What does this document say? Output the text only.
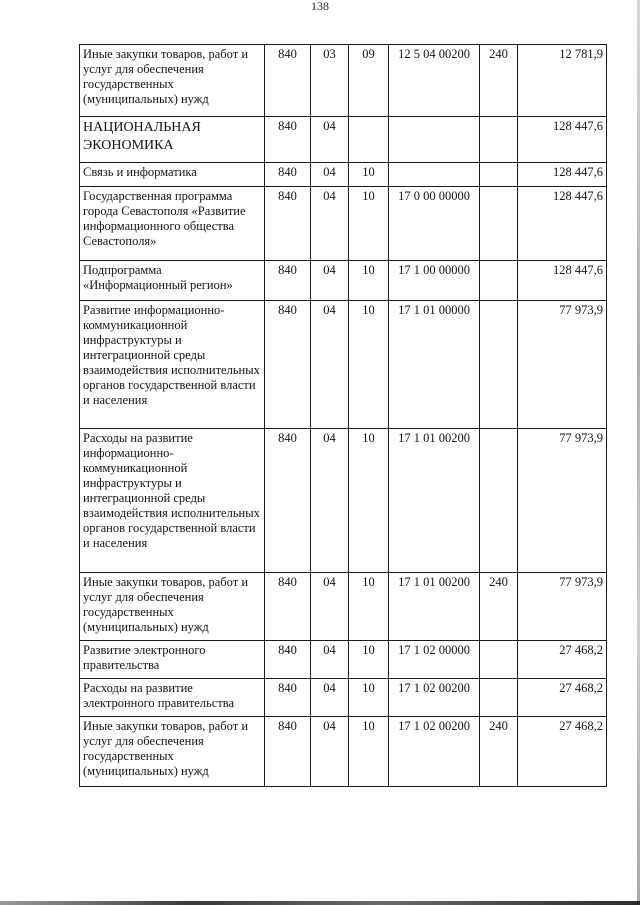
138
Иные закупки товаров, работ и услуг для обеспечения государственных (муниципальных) нужд	840	03	09	12 5 04 00200	240	12 781,9
НАЦИОНАЛЬНАЯ ЭКОНОМИКА	840	04				128 447,6
Связь и информатика	840	04	10			128 447,6
Государственная программа города Севастополя «Развитие информационного общества Севастополя»	840	04	10	17 0 00 00000		128 447,6
Подпрограмма «Информационный регион»	840	04	10	17 1 00 00000		128 447,6
Развитие информационно-коммуникационной инфраструктуры и интеграционной среды взаимодействия исполнительных органов государственной власти и населения	840	04	10	17 1 01 00000		77 973,9
Расходы на развитие информационно-коммуникационной инфраструктуры и интеграционной среды взаимодействия исполнительных органов государственной власти и населения	840	04	10	17 1 01 00200		77 973,9
Иные закупки товаров, работ и услуг для обеспечения государственных (муниципальных) нужд	840	04	10	17 1 01 00200	240	77 973,9
Развитие электронного правительства	840	04	10	17 1 02 00000		27 468,2
Расходы на развитие электронного правительства	840	04	10	17 1 02 00200		27 468,2
Иные закупки товаров, работ и услуг для обеспечения государственных (муниципальных) нужд	840	04	10	17 1 02 00200	240	27 468,2
